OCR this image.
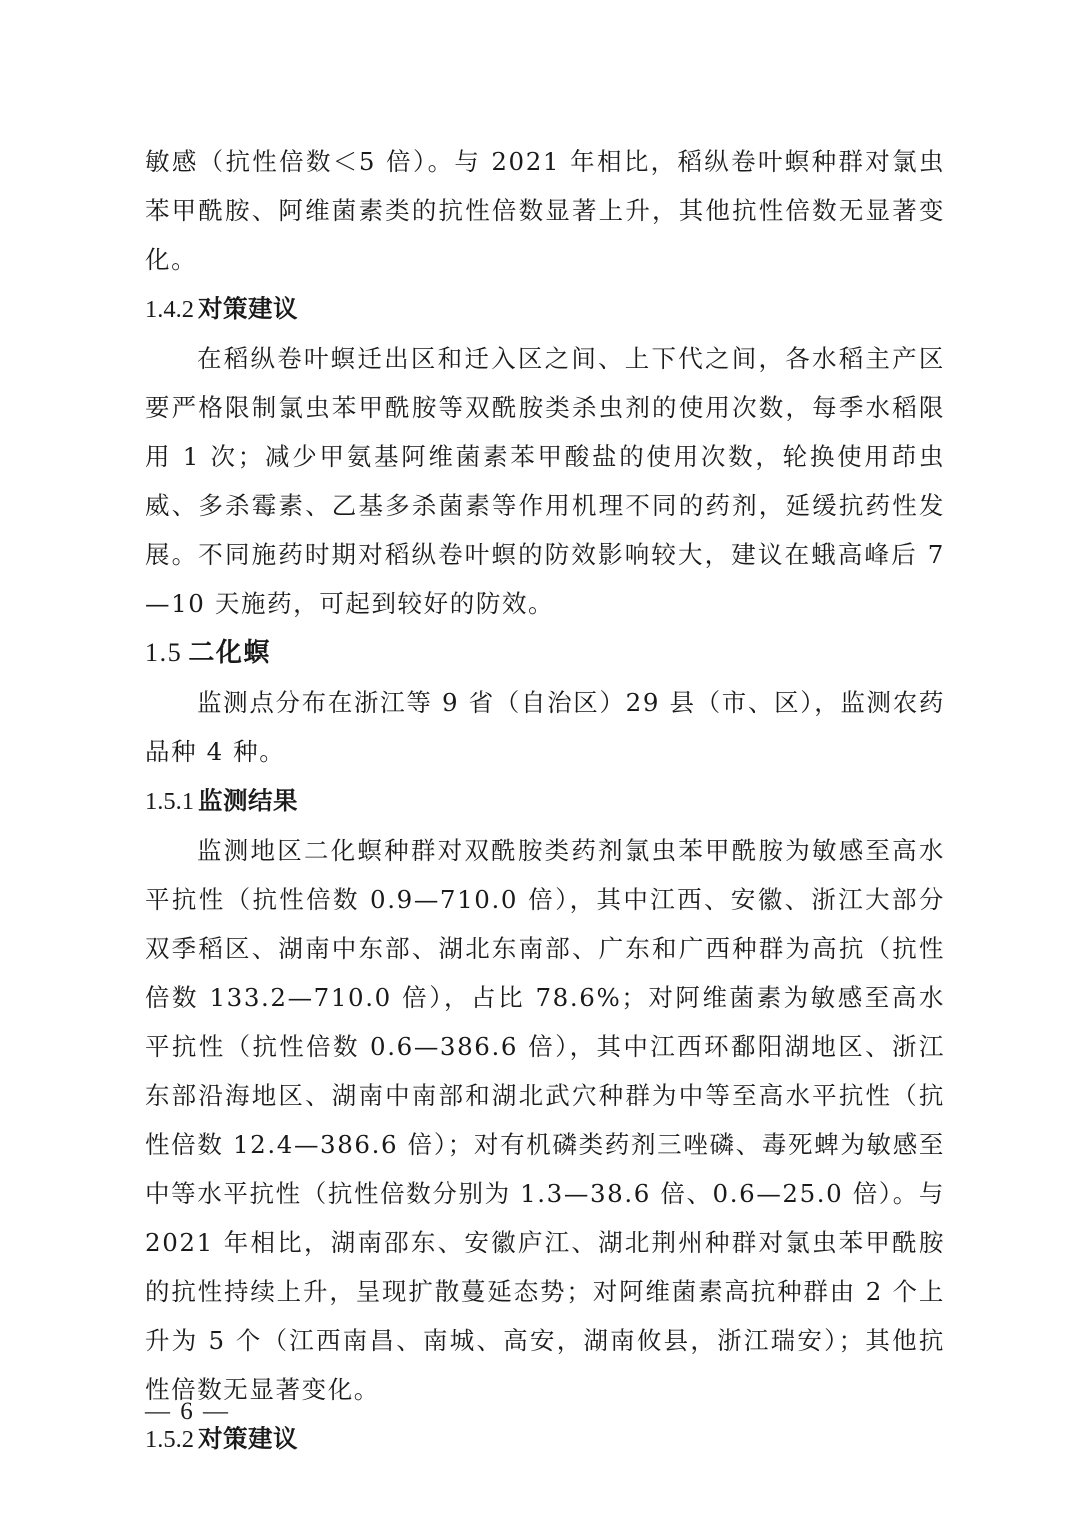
敏感（抗性倍数＜5 倍）。与 2021 年相比，稻纵卷叶螟种群对氯虫苯甲酰胺、阿维菌素类的抗性倍数显著上升，其他抗性倍数无显著变化。

1.4.2 对策建议

在稻纵卷叶螟迁出区和迁入区之间、上下代之间，各水稻主产区要严格限制氯虫苯甲酰胺等双酰胺类杀虫剂的使用次数，每季水稻限用 1 次；减少甲氨基阿维菌素苯甲酸盐的使用次数，轮换使用茚虫威、多杀霉素、乙基多杀菌素等作用机理不同的药剂，延缓抗药性发展。不同施药时期对稻纵卷叶螟的防效影响较大，建议在蛾高峰后 7—10 天施药，可起到较好的防效。

1.5 二化螟

监测点分布在浙江等 9 省（自治区）29 县（市、区），监测农药品种 4 种。

1.5.1 监测结果

监测地区二化螟种群对双酰胺类药剂氯虫苯甲酰胺为敏感至高水平抗性（抗性倍数 0.9—710.0 倍），其中江西、安徽、浙江大部分双季稻区、湖南中东部、湖北东南部、广东和广西种群为高抗（抗性倍数 133.2—710.0 倍），占比 78.6%；对阿维菌素为敏感至高水平抗性（抗性倍数 0.6—386.6 倍），其中江西环鄱阳湖地区、浙江东部沿海地区、湖南中南部和湖北武穴种群为中等至高水平抗性（抗性倍数 12.4—386.6 倍）；对有机磷类药剂三唑磷、毒死蜱为敏感至中等水平抗性（抗性倍数分别为 1.3—38.6 倍、0.6—25.0 倍）。与 2021 年相比，湖南邵东、安徽庐江、湖北荆州种群对氯虫苯甲酰胺的抗性持续上升，呈现扩散蔓延态势；对阿维菌素高抗种群由 2 个上升为 5 个（江西南昌、南城、高安，湖南攸县，浙江瑞安）；其他抗性倍数无显著变化。

1.5.2 对策建议
— 6 —
